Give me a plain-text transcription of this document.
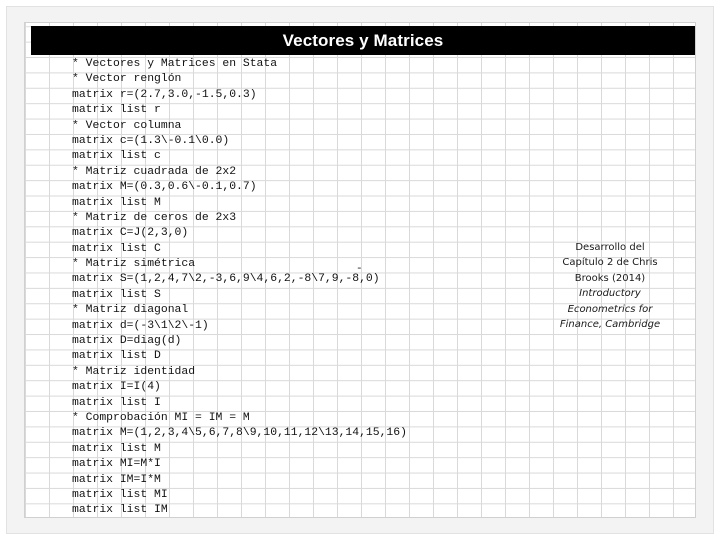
Vectores y Matrices
* Vectores y Matrices en Stata
* Vector renglón
matrix r=(2.7,3.0,-1.5,0.3)
matrix list r
* Vector columna
matrix c=(1.3\-0.1\0.0)
matrix list c
* Matriz cuadrada de 2x2
matrix M=(0.3,0.6\-0.1,0.7)
matrix list M
* Matriz de ceros de 2x3
matrix C=J(2,3,0)
matrix list C
* Matriz simétrica
matrix S=(1,2,4,7\2,-3,6,9\4,6,2,-8\7,9,-8,0)
matrix list S
* Matriz diagonal
matrix d=(-3\1\2\-1)
matrix D=diag(d)
matrix list D
* Matriz identidad
matrix I=I(4)
matrix list I
* Comprobación MI = IM = M
matrix M=(1,2,3,4\5,6,7,8\9,10,11,12\13,14,15,16)
matrix list M
matrix MI=M*I
matrix IM=I*M
matrix list MI
matrix list IM
-
Desarrollo del
Capítulo 2 de Chris
Brooks (2014)
Introductory
Econometrics for
Finance, Cambridge
